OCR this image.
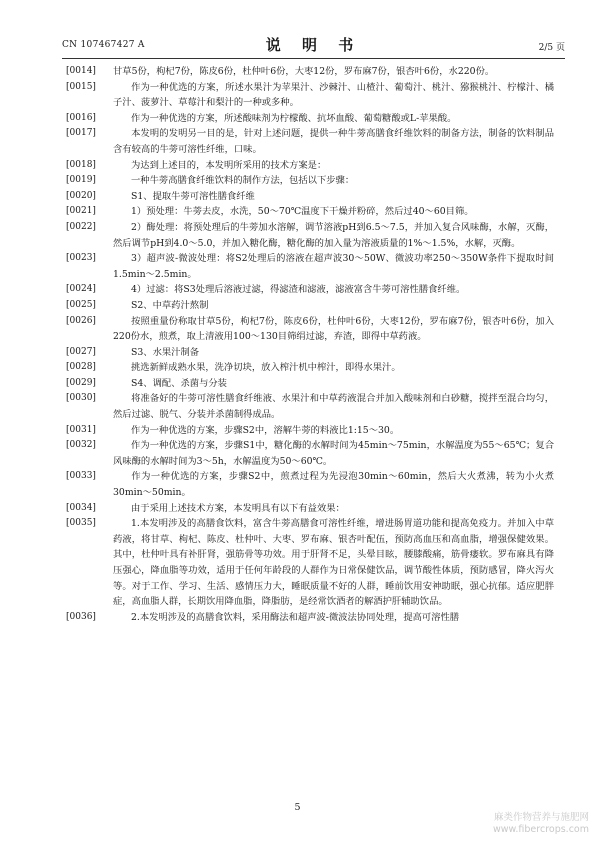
CN 107467427 A	说 明 书	2/5 页

[0014] 甘草5份，枸杞7份，陈皮6份，杜仲叶6份，大枣12份，罗布麻7份，银杏叶6份，水220份。

[0015]	作为一种优选的方案，所述水果汁为苹果汁、沙棘汁、山楂汁、葡萄汁、桃汁、猕猴桃汁、柠檬汁、橘子汁、菠萝汁、草莓汁和梨汁的一种或多种。

[0016]	作为一种优选的方案，所述酸味剂为柠檬酸、抗坏血酸、葡萄糖酸或L-苹果酸。

[0017]	本发明的发明另一目的是，针对上述问题，提供一种牛蒡高膳食纤维饮料的制备方法，制备的饮料制品含有较高的牛蒡可溶性纤维，口味。

[0018]	为达到上述目的，本发明所采用的技术方案是：

[0019]	一种牛蒡高膳食纤维饮料的制作方法，包括以下步骤：

[0020]	S1、提取牛蒡可溶性膳食纤维

[0021]	1）预处理：牛蒡去皮，水洗，50～70℃温度下干燥并粉碎，然后过40～60目筛。

[0022]	2）酶处理：将预处理后的牛蒡加水溶解，调节溶液pH到6.5～7.5，并加入复合风味酶，水解，灭酶，然后调节pH到4.0～5.0，并加入糖化酶，糖化酶的加入量为溶液质量的1%～1.5%，水解，灭酶。

[0023]	3）超声波-微波处理：将S2处理后的溶液在超声波30～50W、微波功率250～350W条件下提取时间1.5min～2.5min。

[0024]	4）过滤：将S3处理后溶液过滤，得滤渣和滤液，滤液富含牛蒡可溶性膳食纤维。

[0025]	S2、中草药汁熬制

[0026]	按照重量份称取甘草5份，枸杞7份，陈皮6份，杜仲叶6份，大枣12份，罗布麻7份，银杏叶6份，加入220份水，煎煮，取上清液用100～130目筛绢过滤，弃渣，即得中草药液。

[0027]	S3、水果汁制备

[0028]	挑选新鲜成熟水果，洗净切块，放入榨汁机中榨汁，即得水果汁。

[0029]	S4、调配、杀菌与分装

[0030]	将准备好的牛蒡可溶性膳食纤维液、水果汁和中草药液混合并加入酸味剂和白砂糖，搅拌至混合均匀，然后过滤、脱气、分装并杀菌制得成品。

[0031]	作为一种优选的方案，步骤S2中，溶解牛蒡的料液比1:15～30。

[0032]	作为一种优选的方案，步骤S1中，糖化酶的水解时间为45min～75min，水解温度为55～65℃；复合风味酶的水解时间为3～5h，水解温度为50～60℃。

[0033]	作为一种优选的方案，步骤S2中，煎煮过程为先浸泡30min～60min，然后大火煮沸，转为小火煮30min～50min。

[0034]	由于采用上述技术方案，本发明具有以下有益效果：

[0035]	1.本发明涉及的高膳食饮料，富含牛蒡高膳食可溶性纤维，增进肠胃道功能和提高免疫力。并加入中草药液，将甘草、枸杞、陈皮、杜仲叶、大枣、罗布麻、银杏叶配伍，预防高血压和高血脂，增强保健效果。其中，杜仲叶具有补肝肾，强筋骨等功效。用于肝肾不足，头晕目眩，腰膝酸痛，筋骨痿软。罗布麻具有降压强心，降血脂等功效，适用于任何年龄段的人群作为日常保健饮品，调节酸性体质，预防感冒，降火泻火等。对于工作、学习、生活、感情压力大，睡眠质量不好的人群，睡前饮用安神助眠，强心抗郁。适应肥胖症，高血脂人群，长期饮用降血脂，降脂肪，是经常饮酒者的解酒护肝辅助饮品。

[0036]	2.本发明涉及的高膳食饮料，采用酶法和超声波-微波法协同处理，提高可溶性膳

5
麻类作物营养与施肥网
www.fibercrops.com
